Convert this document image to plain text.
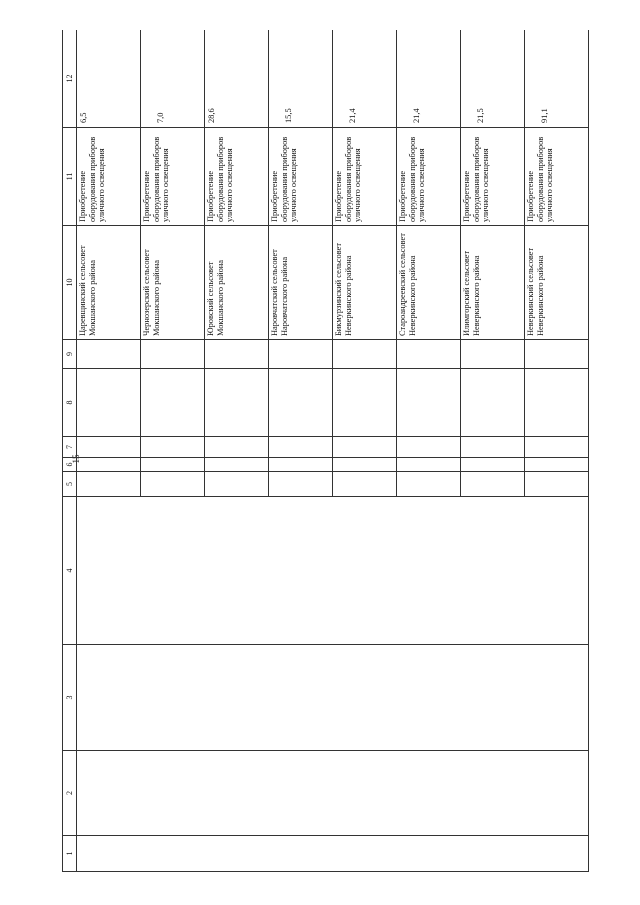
15
1	2	3	4	5	6	7	8	9	10	11	12
									Царевщинский сельсовет Мокшанского района	Приобретение оборудования приборов уличного освещения	6,5

									Чернозерский сельсовет Мокшанского района	Приобретение оборудования приборов уличного освещения	7,0

									Юровский сельсовет Мокшанского района	Приобретение оборудования приборов уличного освещения	28,6

									Наровчатский сельсовет Наровчатского района	Приобретение оборудования приборов уличного освещения	15,5

									Бикмурзинский сельсовет Неверкинского района	Приобретение оборудования приборов уличного освещения	21,4

									Староандреевский сельсовет Неверкинского района	Приобретение оборудования приборов уличного освещения	21,4

									Илимгорский сельсовет Неверкинского района	Приобретение оборудования приборов уличного освещения	21,5

									Неверкинский сельсовет Неверкинского района	Приобретение оборудования приборов уличного освещения	91,1
